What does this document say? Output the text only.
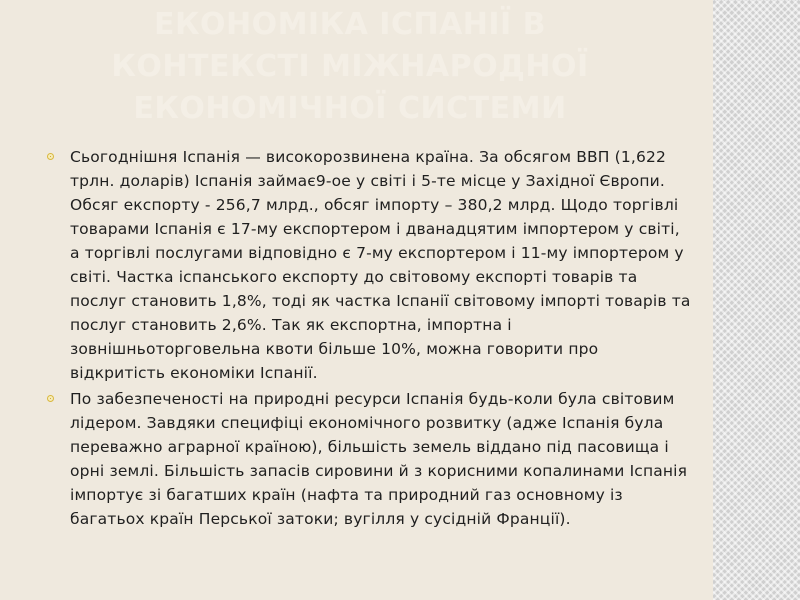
ЕКОНОМІКА ІСПАНІЇ В КОНТЕКСТІ МІЖНАРОДНОЇ ЕКОНОМІЧНОЇ СИСТЕМИ
Сьогоднішня Іспанія — високорозвинена країна. За обсягом ВВП (1,622 трлн. доларів) Іспанія займає9-ое у світі і 5-те місце у Західної Європи. Обсяг експорту - 256,7 млрд., обсяг імпорту – 380,2 млрд. Щодо торгівлі товарами Іспанія є 17-му експортером і дванадцятим імпортером у світі, а торгівлі послугами відповідно є 7-му експортером і 11-му імпортером у світі. Частка іспанського експорту до світовому експорті товарів та послуг становить 1,8%, тоді як частка Іспанії світовому імпорті товарів та послуг становить 2,6%. Так як експортна, імпортна і зовнішньоторговельна квоти більше 10%, можна говорити про відкритість економіки Іспанії.
По забезпеченості на природні ресурси Іспанія будь-коли була світовим лідером. Завдяки специфіці економічного розвитку (адже Іспанія була переважно аграрної країною), більшість земель віддано під пасовища і орні землі. Більшість запасів сировини й з корисними копалинами Іспанія імпортує зі багатших країн (нафта та природний газ основному із багатьох країн Перської затоки; вугілля у сусідній Франції).
